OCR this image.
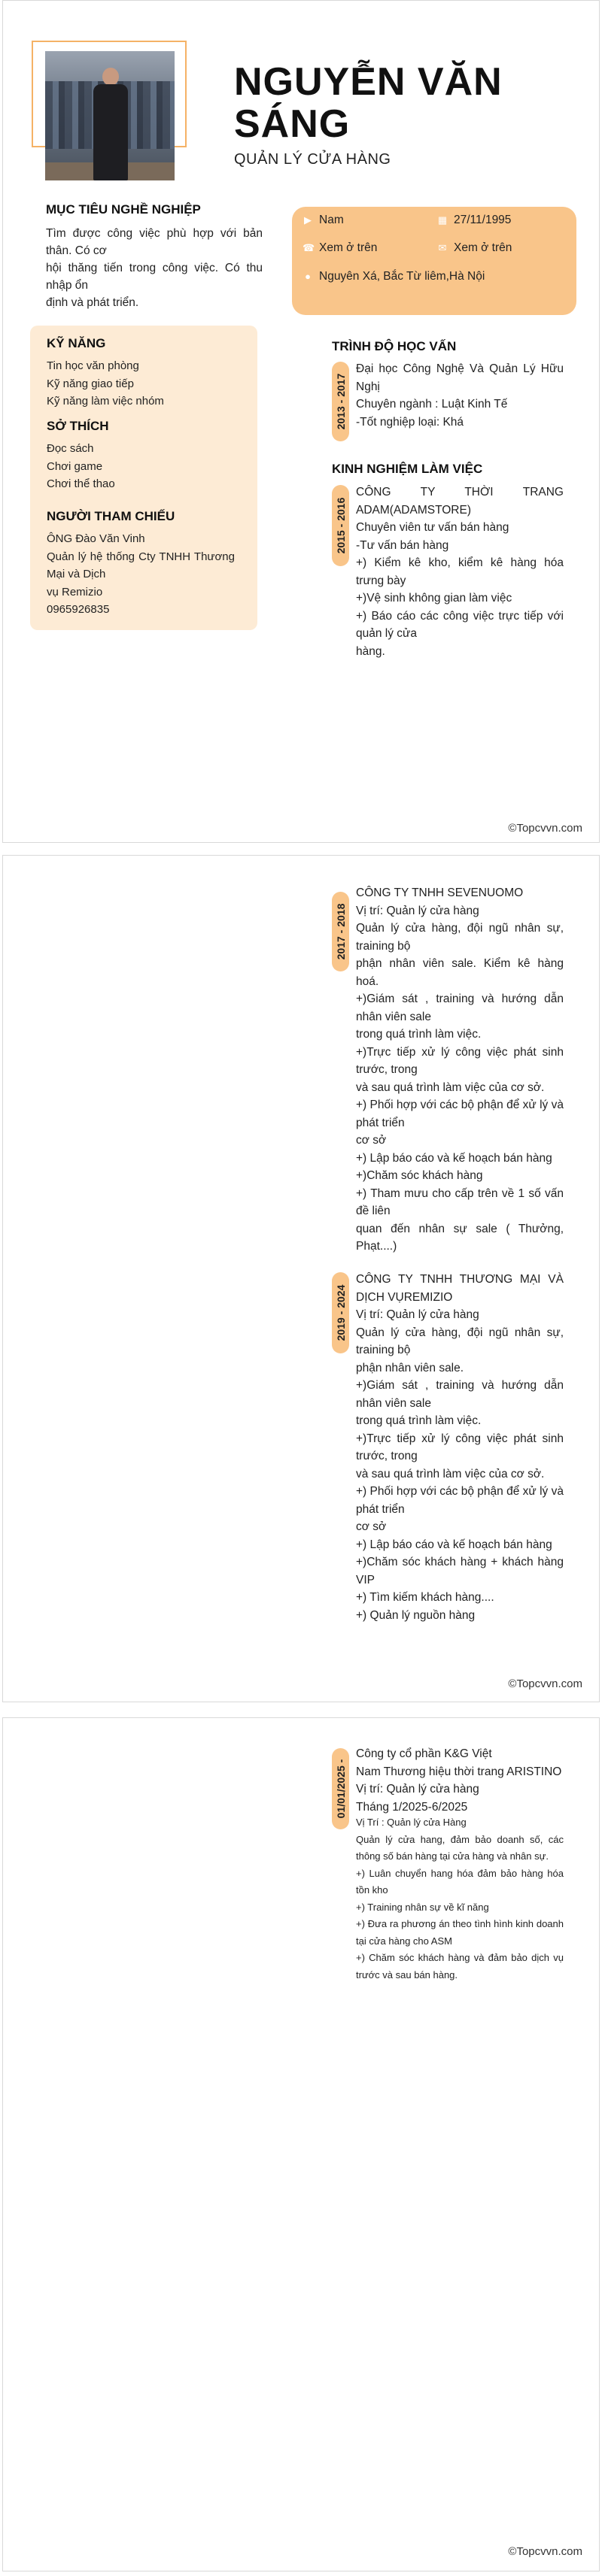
NGUYỄN VĂN SÁNG
QUẢN LÝ CỬA HÀNG
MỤC TIÊU NGHỀ NGHIỆP
Tìm được công việc phù hợp với bản thân. Có cơ
hội thăng tiến trong công việc. Có thu nhập ổn
định và phát triển.
▶ Nam	▦ 27/11/1995
☎ Xem ở trên	✉ Xem ở trên
● Nguyên Xá, Bắc Từ liêm,Hà Nội
KỸ NĂNG
Tin học văn phòng
Kỹ năng giao tiếp
Kỹ năng làm việc nhóm
SỞ THÍCH
Đọc sách
Chơi game
Chơi thể thao
NGƯỜI THAM CHIẾU
ÔNG Đào Văn Vinh
Quản lý hệ thống Cty TNHH Thương Mại và Dịch
vụ Remizio
0965926835
TRÌNH ĐỘ HỌC VẤN
2013 - 2017
Đại học Công Nghệ Và Quản Lý Hữu Nghị
Chuyên ngành : Luật Kinh Tế
-Tốt nghiệp loại: Khá
KINH NGHIỆM LÀM VIỆC
2015 - 2016
CÔNG TY THỜI TRANG ADAM(ADAMSTORE)
Chuyên viên tư vấn bán hàng
-Tư vấn bán hàng
+) Kiểm kê kho, kiểm kê hàng hóa trưng bày
+)Vệ sinh không gian làm việc
+) Báo cáo các công việc trực tiếp với quản lý cửa
hàng.
©Topcvvn.com
2017 - 2018
CÔNG TY TNHH SEVENUOMO
Vị trí: Quản lý cửa hàng
Quản lý cửa hàng, đội ngũ nhân sự, training bộ
phận nhân viên sale. Kiểm kê hàng hoá.
+)Giám sát , training và hướng dẫn nhân viên sale
trong quá trình làm việc.
+)Trực tiếp xử lý công việc phát sinh trước, trong
và sau quá trình làm việc của cơ sở.
+) Phối hợp với các bộ phận để xử lý và phát triển
cơ sở
+) Lập báo cáo và kế hoạch bán hàng
+)Chăm sóc khách hàng
+) Tham mưu cho cấp trên về 1 số vấn đề liên
quan đến nhân sự sale ( Thưởng, Phạt....)
2019 - 2024
CÔNG TY TNHH THƯƠNG MẠI VÀ DỊCH VỤREMIZIO
Vị trí: Quản lý cửa hàng
Quản lý cửa hàng, đội ngũ nhân sự, training bộ
phận nhân viên sale.
+)Giám sát , training và hướng dẫn nhân viên sale
trong quá trình làm việc.
+)Trực tiếp xử lý công việc phát sinh trước, trong
và sau quá trình làm việc của cơ sở.
+) Phối hợp với các bộ phận để xử lý và phát triển
cơ sở
+) Lập báo cáo và kế hoạch bán hàng
+)Chăm sóc khách hàng + khách hàng VIP
+) Tìm kiếm khách hàng....
+) Quản lý nguồn hàng
©Topcvvn.com
01/01/2025 -
Công ty cổ phần K&G Việt
Nam Thương hiệu thời trang ARISTINO
Vị trí: Quản lý cửa hàng
Tháng 1/2025-6/2025
Vị Trí : Quản lý cửa Hàng
Quản lý cửa hang, đảm bảo doanh số, các thông số bán hàng tại cửa hàng và nhân sự.
+) Luân chuyển hang hóa đảm bảo hàng hóa tồn kho
+) Training nhân sự về kĩ năng
+) Đưa ra phương án theo tình hình kinh doanh tại cửa hàng cho ASM
+) Chăm sóc khách hàng và đảm bảo dịch vụ trước và sau bán hàng.
©Topcvvn.com
